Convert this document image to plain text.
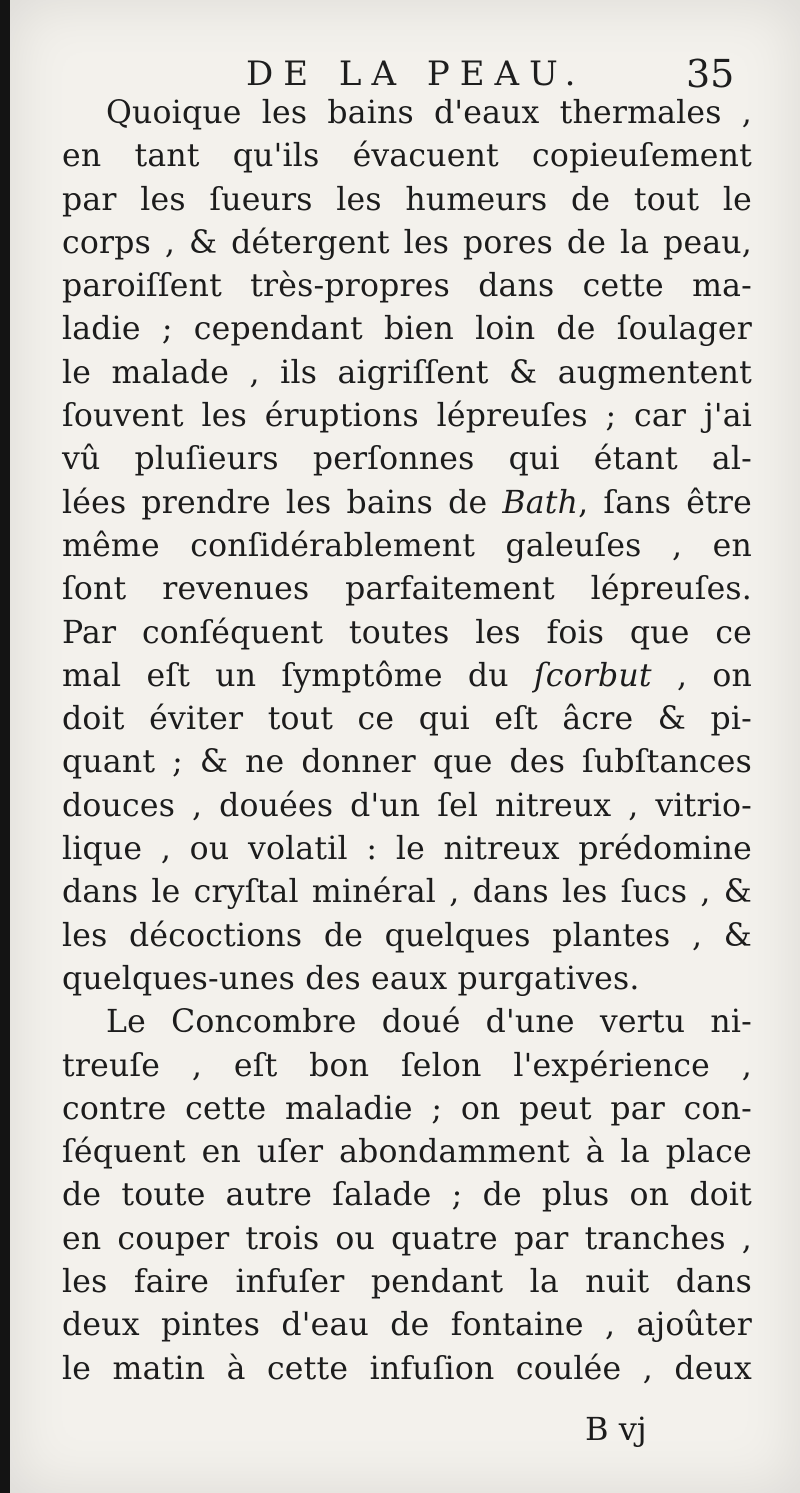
DE LA PEAU.	35
Quoique les bains d'eaux thermales ,
en tant qu'ils évacuent copieuſement
par les ſueurs les humeurs de tout le
corps , & détergent les pores de la peau,
paroiſſent très-propres dans cette ma-
ladie ; cependant bien loin de ſoulager
le malade , ils aigriſſent & augmentent
ſouvent les éruptions lépreuſes ; car j'ai
vû pluſieurs perſonnes qui étant al-
lées prendre les bains de Bath, ſans être
même conſidérablement galeuſes , en
ſont revenues parfaitement lépreuſes.
Par conſéquent toutes les fois que ce
mal eſt un ſymptôme du ſcorbut , on
doit éviter tout ce qui eſt âcre & pi-
quant ; & ne donner que des ſubſtances
douces , douées d'un ſel nitreux , vitrio-
lique , ou volatil : le nitreux prédomine
dans le cryſtal minéral , dans les ſucs , &
les décoctions de quelques plantes , &
quelques-unes des eaux purgatives.
Le Concombre doué d'une vertu ni-
treuſe , eſt bon ſelon l'expérience ,
contre cette maladie ; on peut par con-
ſéquent en uſer abondamment à la place
de toute autre ſalade ; de plus on doit
en couper trois ou quatre par tranches ,
les faire infuſer pendant la nuit dans
deux pintes d'eau de fontaine , ajoûter
le matin à cette infuſion coulée , deux
B vj
